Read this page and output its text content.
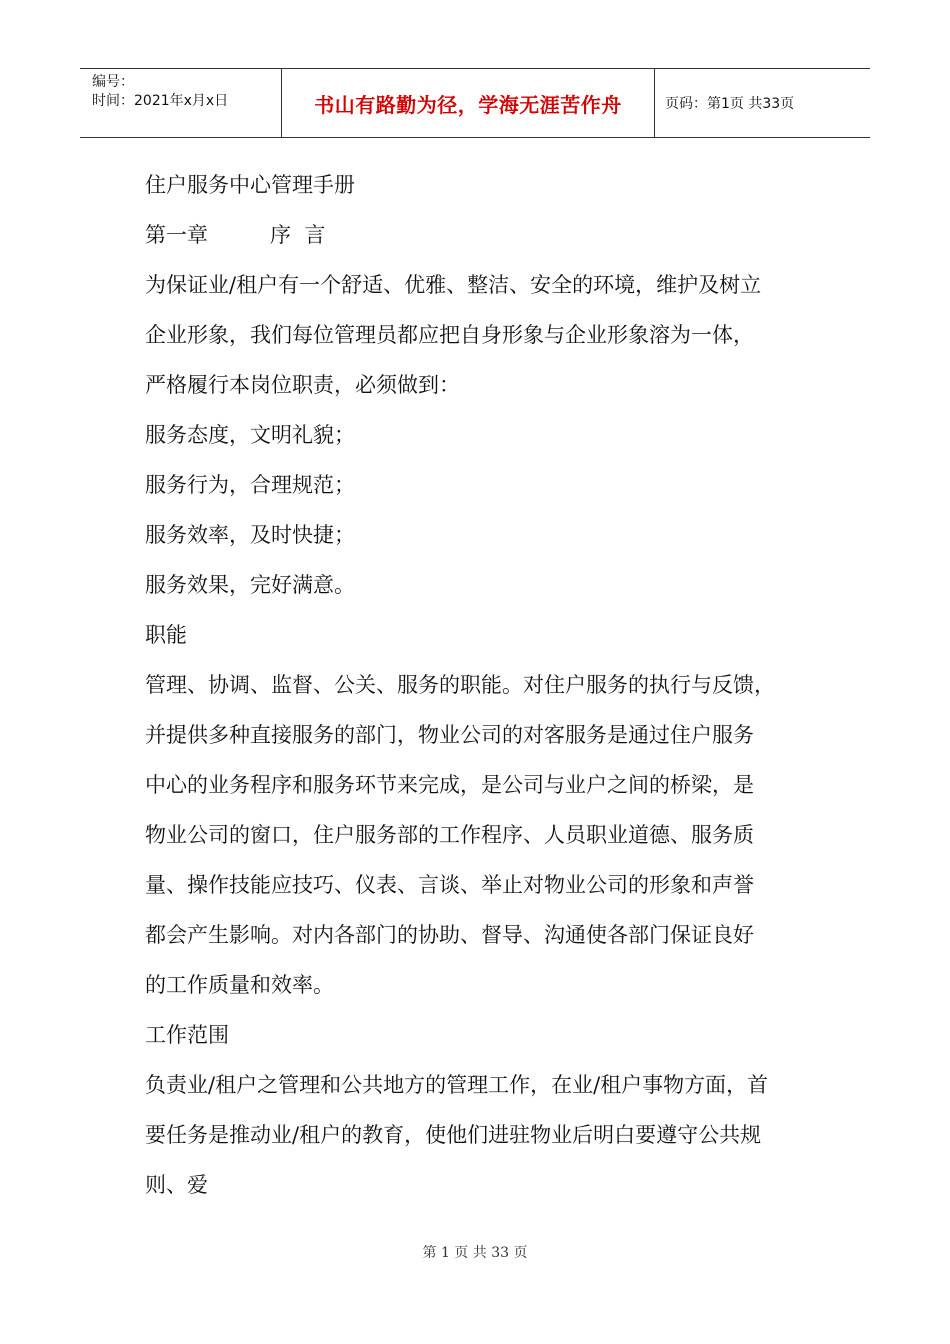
编号：
时间：2021年x月x日	书山有路勤为径，学海无涯苦作舟	页码：第1页 共33页

住户服务中心管理手册

第一章	序  言

为保证业/租户有一个舒适、优雅、整洁、安全的环境，维护及树立

企业形象，我们每位管理员都应把自身形象与企业形象溶为一体，

严格履行本岗位职责，必须做到：

服务态度，文明礼貌；

服务行为，合理规范；

服务效率，及时快捷；

服务效果，完好满意。

职能

管理、协调、监督、公关、服务的职能。对住户服务的执行与反馈，

并提供多种直接服务的部门，物业公司的对客服务是通过住户服务

中心的业务程序和服务环节来完成，是公司与业户之间的桥梁，是

物业公司的窗口，住户服务部的工作程序、人员职业道德、服务质

量、操作技能应技巧、仪表、言谈、举止对物业公司的形象和声誉

都会产生影响。对内各部门的协助、督导、沟通使各部门保证良好

的工作质量和效率。

工作范围

负责业/租户之管理和公共地方的管理工作，在业/租户事物方面，首

要任务是推动业/租户的教育，使他们进驻物业后明白要遵守公共规

则、爱

第 1 页 共 33 页
